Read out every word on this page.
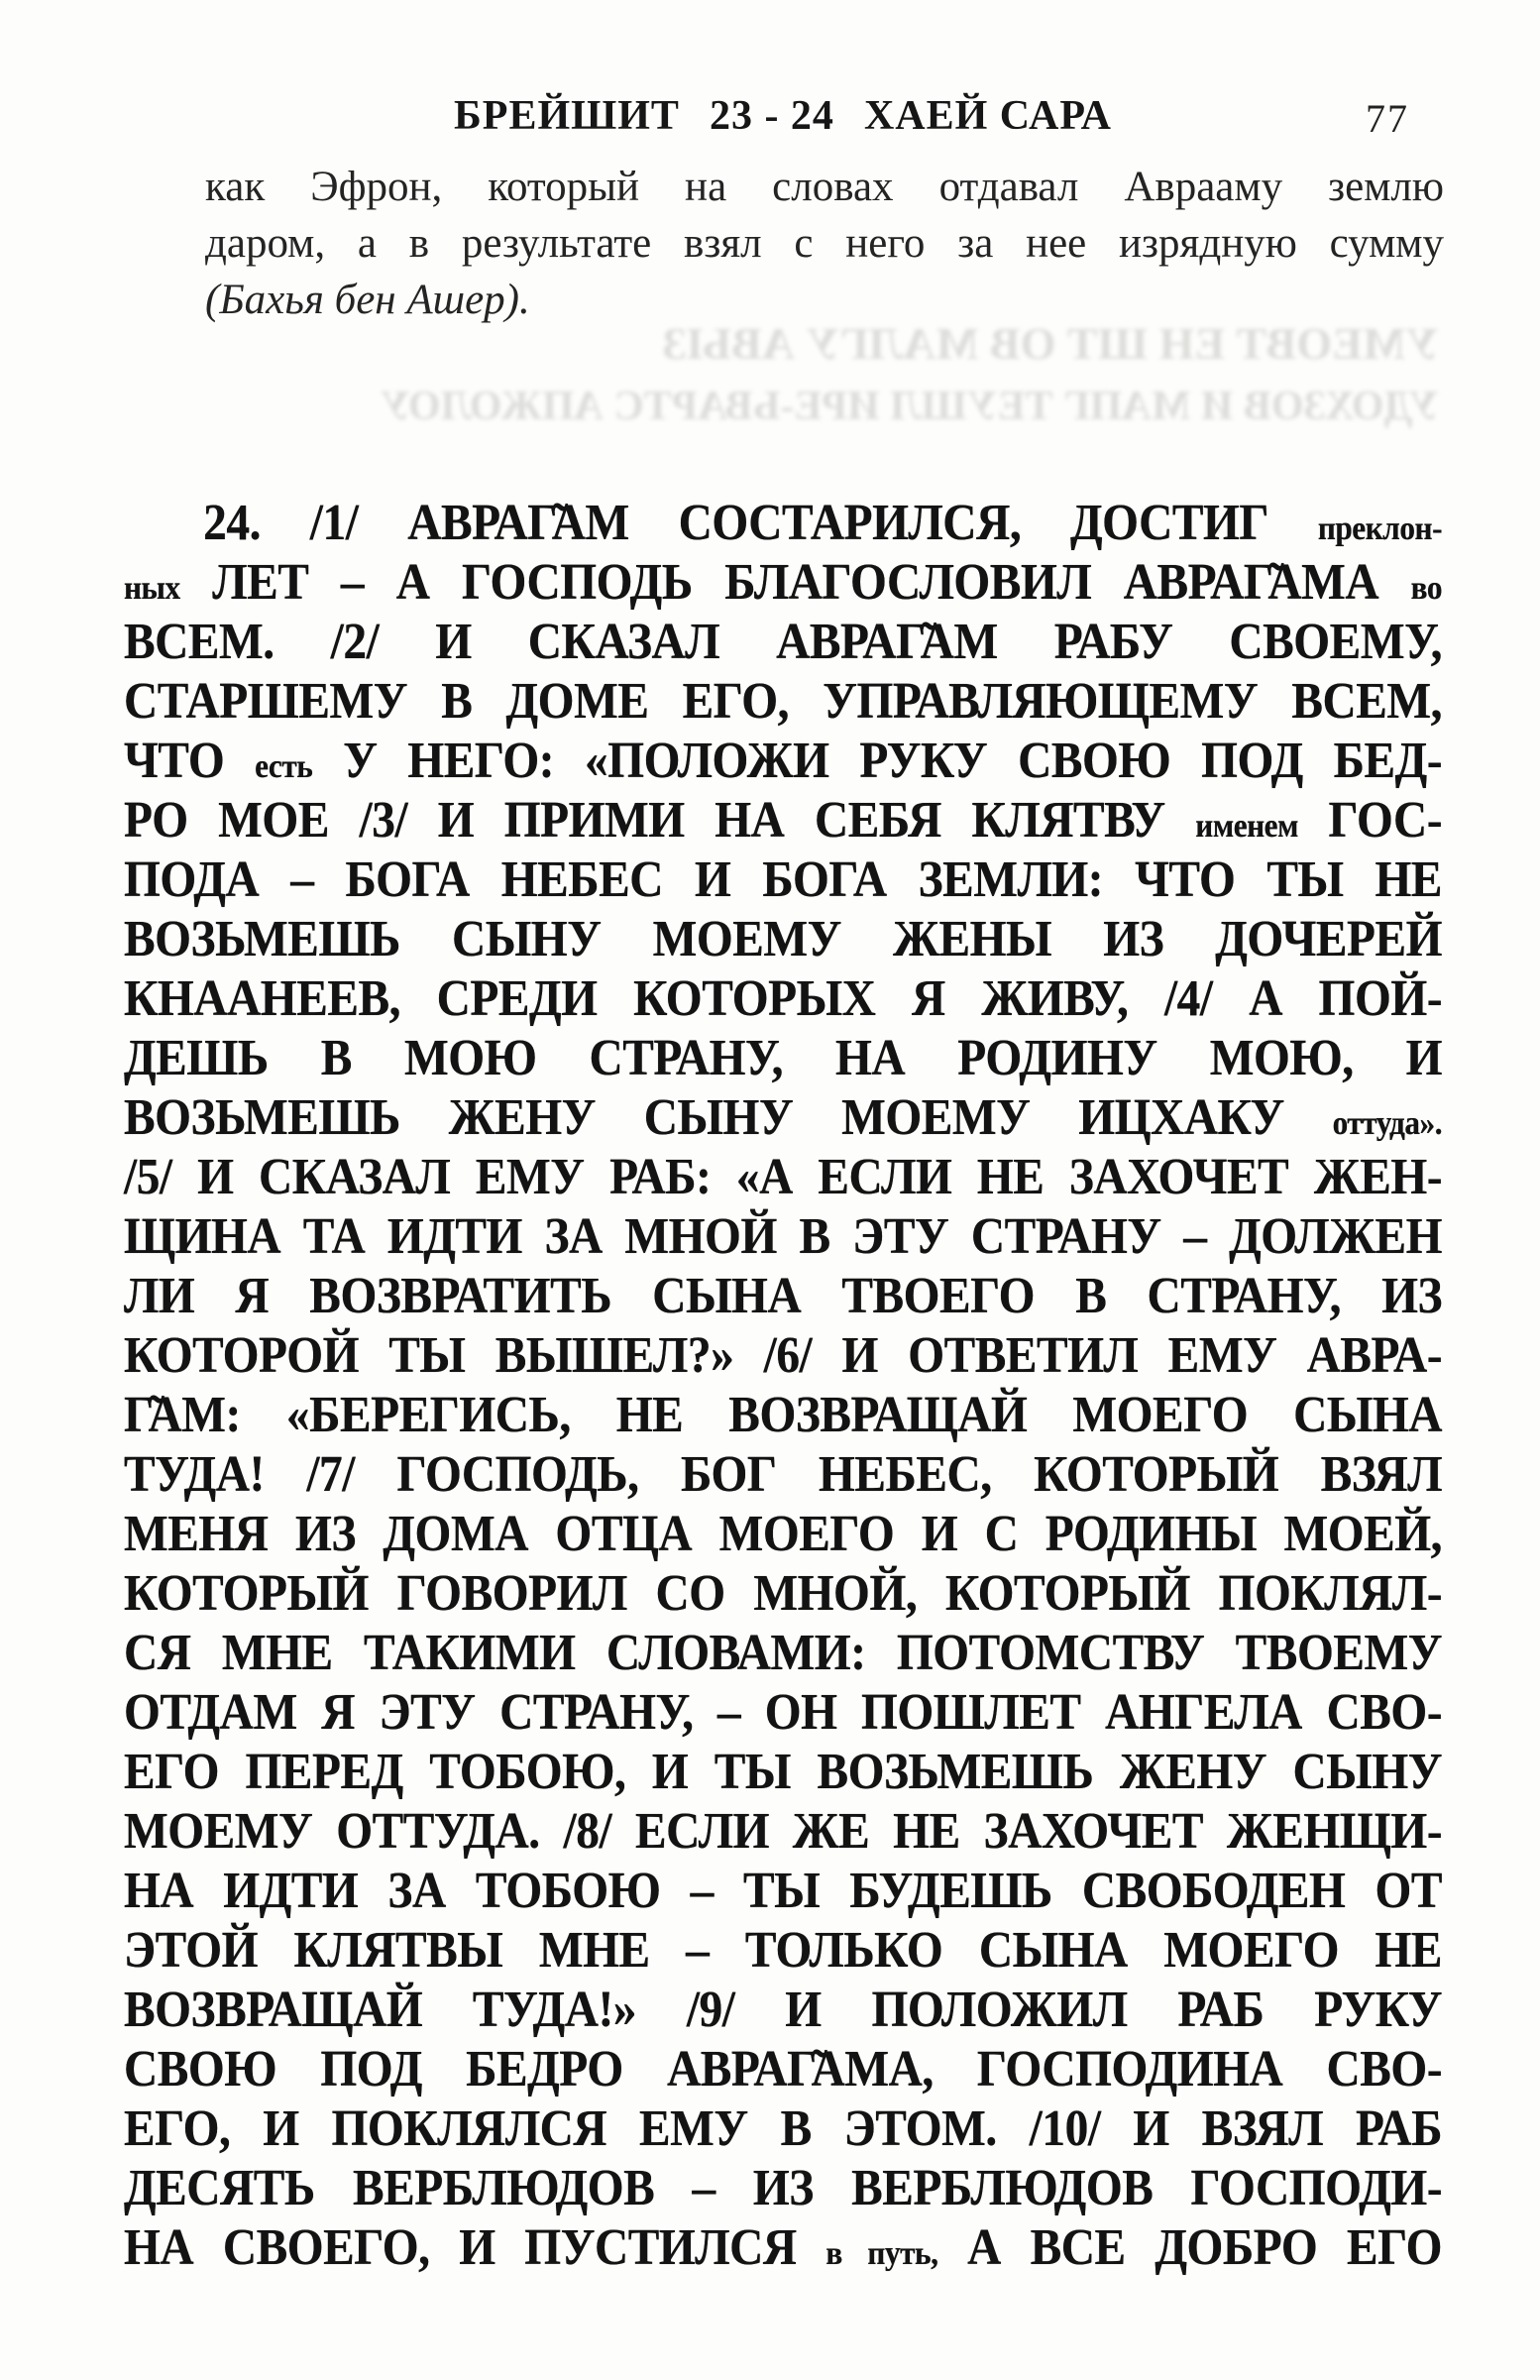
БРЕЙШИТ 23 - 24 ХАЕЙ САРА	77
как Эфрон, который на словах отдавал Аврааму землю
даром, а в результате взял с него за нее изрядную сумму
(Бахья бен Ашер).
УМЕОВТ ЕН ШТ ОВ МАЛГУ АВЫЗ
УДОХЗОВ И МАПГ ТЕУШЛ ИРЕ-ЬВАРТС АПЖОЛОУ
24. /1/ АВРАГ̃АМ СОСТАРИЛСЯ, ДОСТИГ преклон-
ных ЛЕТ – А ГОСПОДЬ БЛАГОСЛОВИЛ АВРАГ̃АМА во
ВСЕМ. /2/ И СКАЗАЛ АВРАГ̃АМ РАБУ СВОЕМУ,
СТАРШЕМУ В ДОМЕ ЕГО, УПРАВЛЯЮЩЕМУ ВСЕМ,
ЧТО есть У НЕГО: «ПОЛОЖИ РУКУ СВОЮ ПОД БЕД-
РО МОЕ /3/ И ПРИМИ НА СЕБЯ КЛЯТВУ именем ГОС-
ПОДА – БОГА НЕБЕС И БОГА ЗЕМЛИ: ЧТО ТЫ НЕ
ВОЗЬМЕШЬ СЫНУ МОЕМУ ЖЕНЫ ИЗ ДОЧЕРЕЙ
КНААНЕЕВ, СРЕДИ КОТОРЫХ Я ЖИВУ, /4/ А ПОЙ-
ДЕШЬ В МОЮ СТРАНУ, НА РОДИНУ МОЮ, И
ВОЗЬМЕШЬ ЖЕНУ СЫНУ МОЕМУ ИЦХАКУ оттуда».
/5/ И СКАЗАЛ ЕМУ РАБ: «А ЕСЛИ НЕ ЗАХОЧЕТ ЖЕН-
ЩИНА ТА ИДТИ ЗА МНОЙ В ЭТУ СТРАНУ – ДОЛЖЕН
ЛИ Я ВОЗВРАТИТЬ СЫНА ТВОЕГО В СТРАНУ, ИЗ
КОТОРОЙ ТЫ ВЫШЕЛ?» /6/ И ОТВЕТИЛ ЕМУ АВРА-
Г̃АМ: «БЕРЕГИСЬ, НЕ ВОЗВРАЩАЙ МОЕГО СЫНА
ТУДА! /7/ ГОСПОДЬ, БОГ НЕБЕС, КОТОРЫЙ ВЗЯЛ
МЕНЯ ИЗ ДОМА ОТЦА МОЕГО И С РОДИНЫ МОЕЙ,
КОТОРЫЙ ГОВОРИЛ СО МНОЙ, КОТОРЫЙ ПОКЛЯЛ-
СЯ МНЕ ТАКИМИ СЛОВАМИ: ПОТОМСТВУ ТВОЕМУ
ОТДАМ Я ЭТУ СТРАНУ, – ОН ПОШЛЕТ АНГЕЛА СВО-
ЕГО ПЕРЕД ТОБОЮ, И ТЫ ВОЗЬМЕШЬ ЖЕНУ СЫНУ
МОЕМУ ОТТУДА. /8/ ЕСЛИ ЖЕ НЕ ЗАХОЧЕТ ЖЕНЩИ-
НА ИДТИ ЗА ТОБОЮ – ТЫ БУДЕШЬ СВОБОДЕН ОТ
ЭТОЙ КЛЯТВЫ МНЕ – ТОЛЬКО СЫНА МОЕГО НЕ
ВОЗВРАЩАЙ ТУДА!» /9/ И ПОЛОЖИЛ РАБ РУКУ
СВОЮ ПОД БЕДРО АВРАГ̃АМА, ГОСПОДИНА СВО-
ЕГО, И ПОКЛЯЛСЯ ЕМУ В ЭТОМ. /10/ И ВЗЯЛ РАБ
ДЕСЯТЬ ВЕРБЛЮДОВ – ИЗ ВЕРБЛЮДОВ ГОСПОДИ-
НА СВОЕГО, И ПУСТИЛСЯ в путь, А ВСЕ ДОБРО ЕГО
